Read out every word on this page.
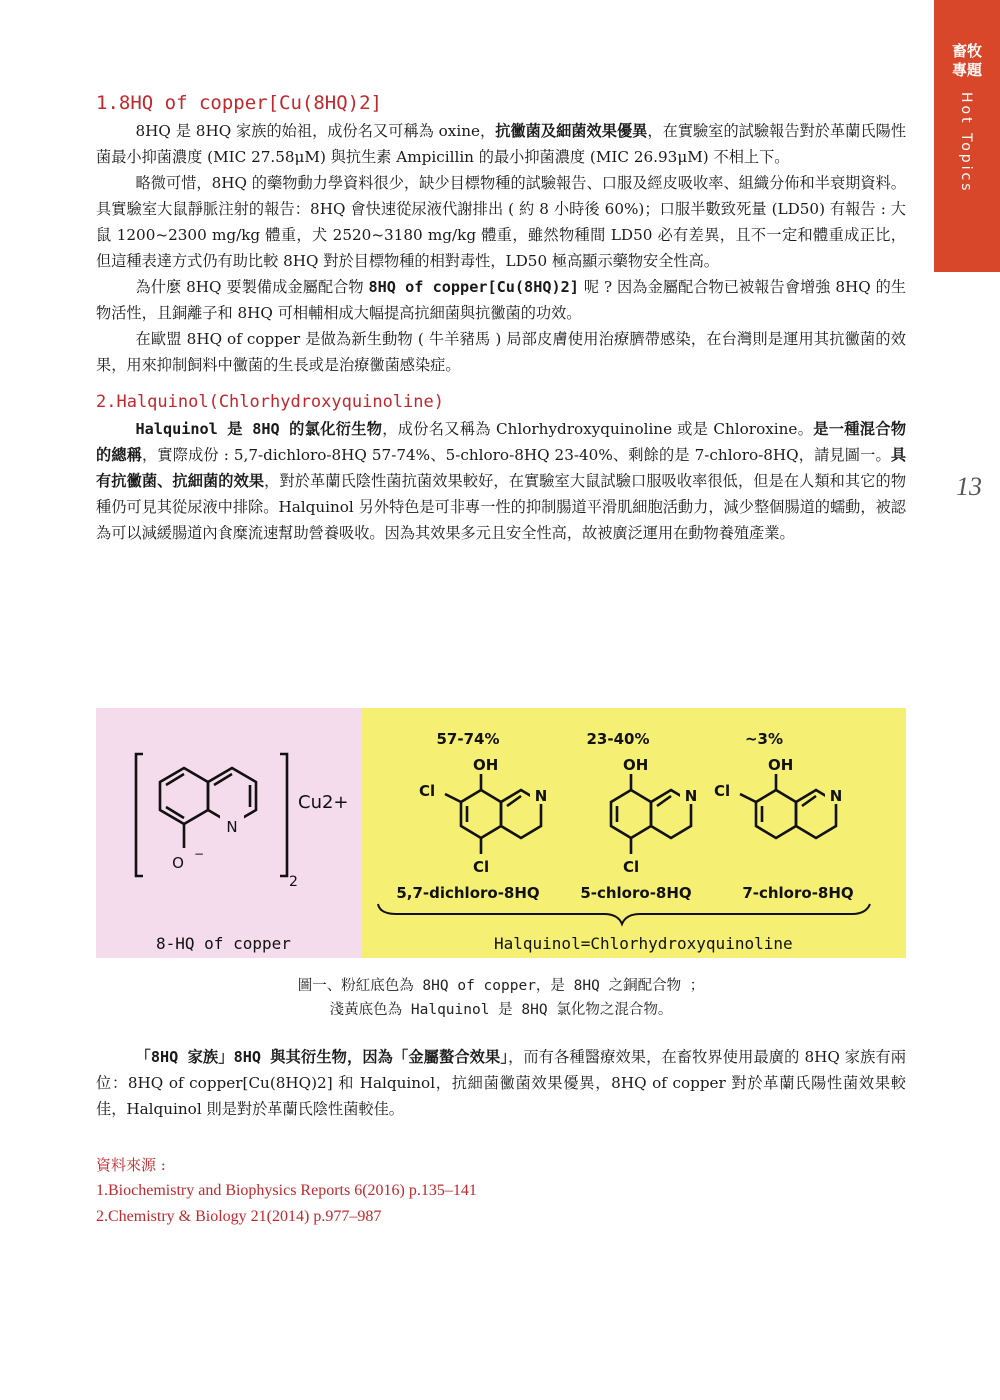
畜牧專題
Hot Topics
13
1.8HQ of copper[Cu(8HQ)2]

8HQ 是 8HQ 家族的始祖，成份名又可稱為 oxine，抗黴菌及細菌效果優異，在實驗室的試驗報告對於革蘭氏陽性菌最小抑菌濃度 (MIC 27.58μM) 與抗生素 Ampicillin 的最小抑菌濃度 (MIC 26.93μM) 不相上下。

略微可惜，8HQ 的藥物動力學資料很少，缺少目標物種的試驗報告、口服及經皮吸收率、組織分佈和半衰期資料。具實驗室大鼠靜脈注射的報告：8HQ 會快速從尿液代謝排出 ( 約 8 小時後 60%)；口服半數致死量 (LD50) 有報告 : 大鼠 1200~2300 mg/kg 體重，犬 2520~3180 mg/kg 體重，雖然物種間 LD50 必有差異，且不一定和體重成正比，但這種表達方式仍有助比較 8HQ 對於目標物種的相對毒性，LD50 極高顯示藥物安全性高。

為什麼 8HQ 要製備成金屬配合物 8HQ of copper[Cu(8HQ)2] 呢 ? 因為金屬配合物已被報告會增強 8HQ 的生物活性，且銅離子和 8HQ 可相輔相成大幅提高抗細菌與抗黴菌的功效。

在歐盟 8HQ of copper 是做為新生動物 ( 牛羊豬馬 ) 局部皮膚使用治療臍帶感染，在台灣則是運用其抗黴菌的效果，用來抑制飼料中黴菌的生長或是治療黴菌感染症。

2.Halquinol(Chlorhydroxyquinoline)

Halquinol 是 8HQ 的氯化衍生物，成份名又稱為 Chlorhydroxyquinoline 或是 Chloroxine。是一種混合物的總稱，實際成份 : 5,7-dichloro-8HQ 57-74%、5-chloro-8HQ 23-40%、剩餘的是 7-chloro-8HQ，請見圖一。具有抗黴菌、抗細菌的效果，對於革蘭氏陰性菌抗菌效果較好，在實驗室大鼠試驗口服吸收率很低，但是在人類和其它的物種仍可見其從尿液中排除。Halquinol 另外特色是可非專一性的抑制腸道平滑肌細胞活動力，減少整個腸道的蠕動，被認為可以減緩腸道內食糜流速幫助營養吸收。因為其效果多元且安全性高，故被廣泛運用在動物養殖產業。

N
O −
Cu2+
2
N
OH
Cl
Cl
N
OH
Cl
N
OH
Cl
57-74%	23-40%	~3%
5,7-dichloro-8HQ	5-chloro-8HQ	7-chloro-8HQ
8-HQ of copper	Halquinol=Chlorhydroxyquinoline
圖一、粉紅底色為 8HQ of copper，是 8HQ 之銅配合物 ；
淺黃底色為 Halquinol 是 8HQ 氯化物之混合物。

「8HQ 家族」8HQ 與其衍生物，因為「金屬螯合效果」，而有各種醫療效果，在畜牧界使用最廣的 8HQ 家族有兩位：8HQ of copper[Cu(8HQ)2] 和 Halquinol，抗細菌黴菌效果優異，8HQ of copper 對於革蘭氏陽性菌效果較佳，Halquinol 則是對於革蘭氏陰性菌較佳。

資料來源 :
1.Biochemistry and Biophysics Reports 6(2016) p.135–141
2.Chemistry & Biology 21(2014) p.977–987
